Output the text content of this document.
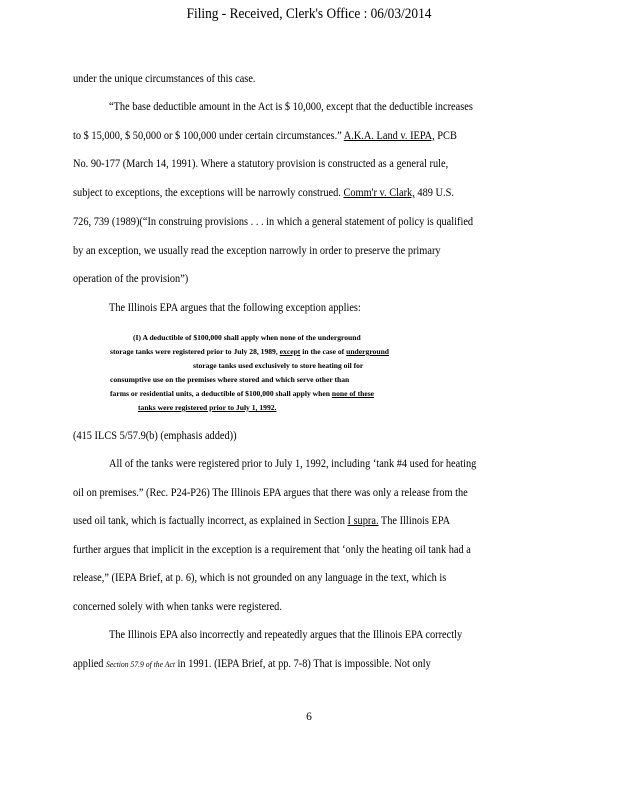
Filing - Received, Clerk's Office : 06/03/2014
under the unique circumstances of this case.
“The base deductible amount in the Act is $ 10,000, except that the deductible increases
to $ 15,000, $ 50,000 or $ 100,000 under certain circumstances.” A.K.A. Land v. IEPA, PCB
No. 90-177 (March 14, 1991). Where a statutory provision is constructed as a general rule,
subject to exceptions, the exceptions will be narrowly construed. Comm'r v. Clark, 489 U.S.
726, 739 (1989)(“In construing provisions . . . in which a general statement of policy is qualified
by an exception, we usually read the exception narrowly in order to preserve the primary
operation of the provision”)
The Illinois EPA argues that the following exception applies:
(I) A deductible of $100,000 shall apply when none of the underground
storage tanks were registered prior to July 28, 1989, except in the case of underground
storage tanks used exclusively to store heating oil for
consumptive use on the premises where stored and which serve other than
farms or residential units, a deductible of $100,000 shall apply when none of these
tanks were registered prior to July 1, 1992.
(415 ILCS 5/57.9(b) (emphasis added))
All of the tanks were registered prior to July 1, 1992, including ‘tank #4 used for heating
oil on premises.” (Rec. P24-P26) The Illinois EPA argues that there was only a release from the
used oil tank, which is factually incorrect, as explained in Section I supra. The Illinois EPA
further argues that implicit in the exception is a requirement that ‘only the heating oil tank had a
release,” (IEPA Brief, at p. 6), which is not grounded on any language in the text, which is
concerned solely with when tanks were registered.
The Illinois EPA also incorrectly and repeatedly argues that the Illinois EPA correctly
applied Section 57.9 of the Act in 1991. (IEPA Brief, at pp. 7-8) That is impossible. Not only
6
